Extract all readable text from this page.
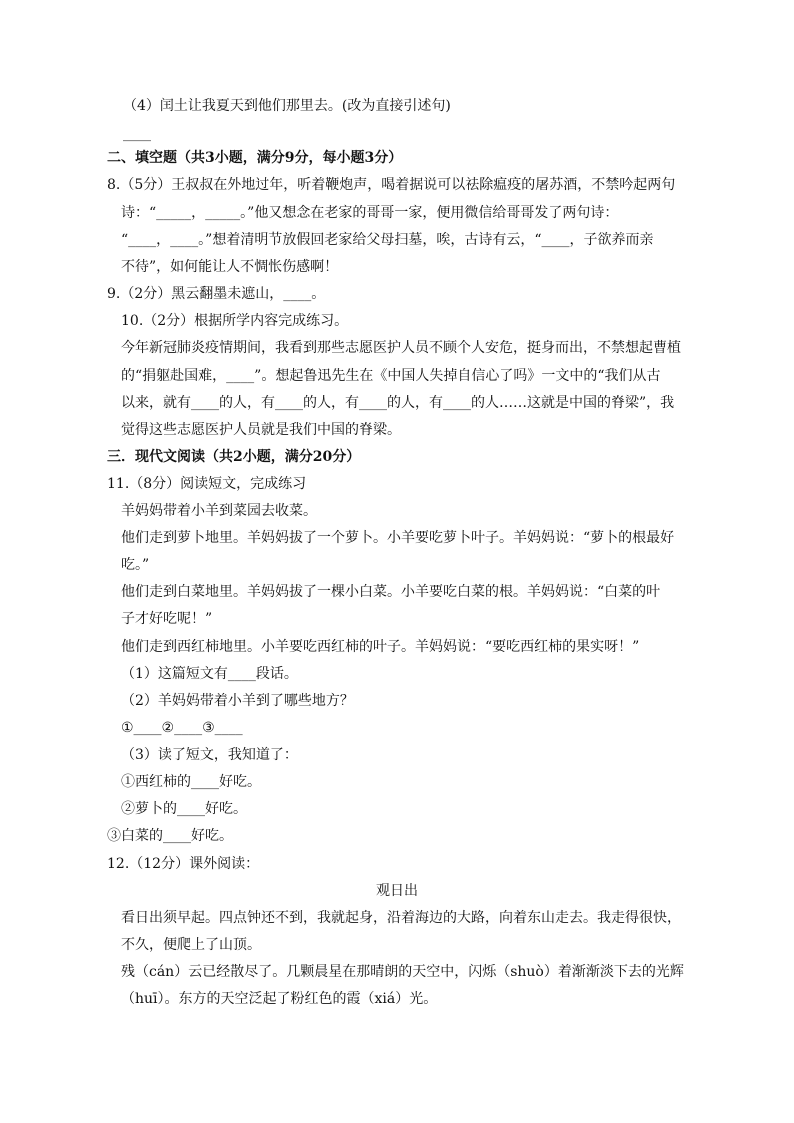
（4）闰土让我夏天到他们那里去。(改为直接引述句)
____
二、填空题（共3小题，满分9分，每小题3分）
8.（5分）王叔叔在外地过年，听着鞭炮声，喝着据说可以祛除瘟疫的屠苏酒，不禁吟起两句
诗：“_____，_____。”他又想念在老家的哥哥一家，便用微信给哥哥发了两句诗：
“____，____。”想着清明节放假回老家给父母扫墓，唉，古诗有云，“____，子欲养而亲
不待”，如何能让人不惆怅伤感啊！
9.（2分）黑云翻墨未遮山，____。
10.（2分）根据所学内容完成练习。
今年新冠肺炎疫情期间，我看到那些志愿医护人员不顾个人安危，挺身而出，不禁想起曹植
的“捐躯赴国难，____”。想起鲁迅先生在《中国人失掉自信心了吗》一文中的“我们从古
以来，就有____的人，有____的人，有____的人，有____的人……这就是中国的脊梁”，我
觉得这些志愿医护人员就是我们中国的脊梁。
三．现代文阅读（共2小题，满分20分）
11.（8分）阅读短文，完成练习
羊妈妈带着小羊到菜园去收菜。
他们走到萝卜地里。羊妈妈拔了一个萝卜。小羊要吃萝卜叶子。羊妈妈说：“萝卜的根最好
吃。”
他们走到白菜地里。羊妈妈拔了一棵小白菜。小羊要吃白菜的根。羊妈妈说：“白菜的叶
子才好吃呢！”
他们走到西红柿地里。小羊要吃西红柿的叶子。羊妈妈说：“要吃西红柿的果实呀！”
（1）这篇短文有____段话。
（2）羊妈妈带着小羊到了哪些地方？
①____②____③____
（3）读了短文，我知道了：
①西红柿的____好吃。
②萝卜的____好吃。
③白菜的____好吃。
12.（12分）课外阅读：
观日出
看日出须早起。四点钟还不到，我就起身，沿着海边的大路，向着东山走去。我走得很快，
不久，便爬上了山顶。
残（cán）云已经散尽了。几颗晨星在那晴朗的天空中，闪烁（shuò）着渐渐淡下去的光辉
（huī）。东方的天空泛起了粉红色的霞（xiá）光。
